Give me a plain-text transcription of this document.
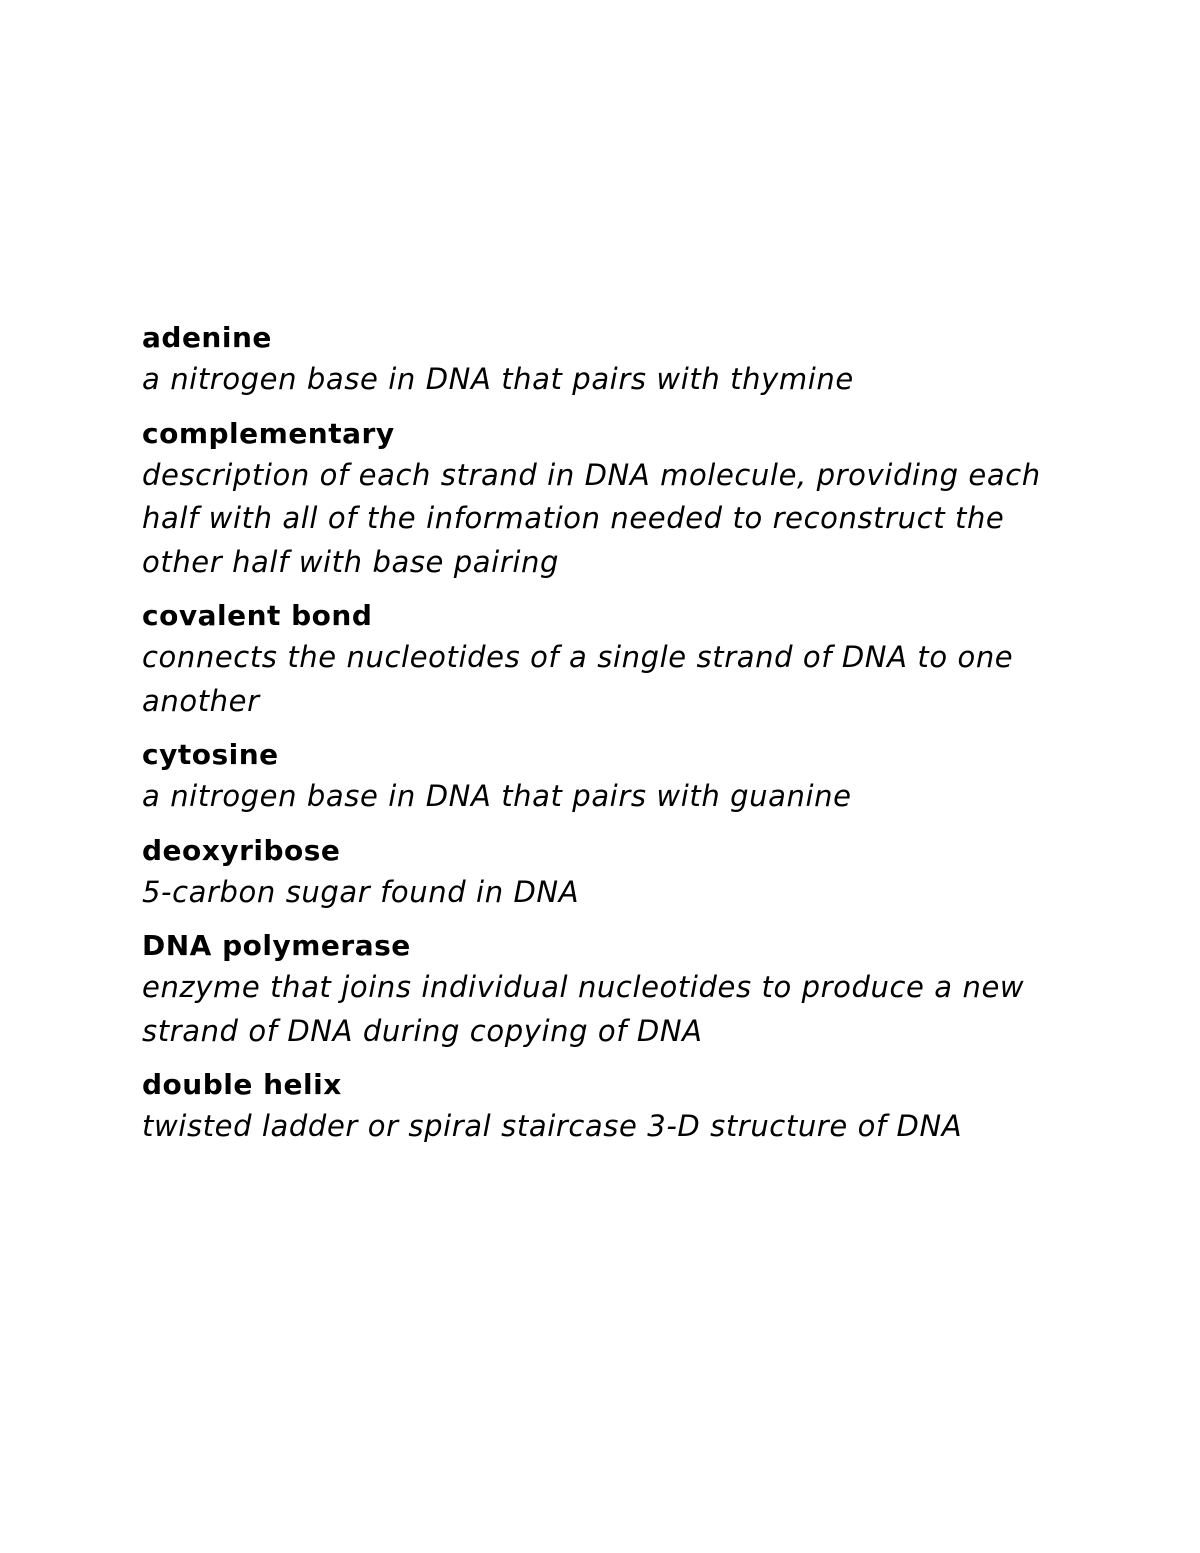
adenine
a nitrogen base in DNA that pairs with thymine
complementary
description of each strand in DNA molecule, providing each half with all of the information needed to reconstruct the other half with base pairing
covalent bond
connects the nucleotides of a single strand of DNA to one another
cytosine
a nitrogen base in DNA that pairs with guanine
deoxyribose
5-carbon sugar found in DNA
DNA polymerase
enzyme that joins individual nucleotides to produce a new strand of DNA during copying of DNA
double helix
twisted ladder or spiral staircase 3-D structure of DNA
